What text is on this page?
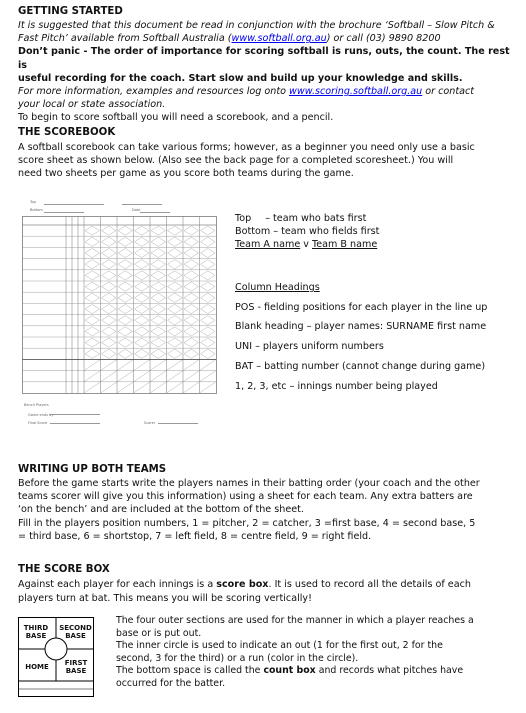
GETTING STARTED

It is suggested that this document be read in conjunction with the brochure ‘Softball – Slow Pitch &

Fast Pitch’ available from Softball Australia (www.softball.org.au) or call (03) 9890 8200

Don’t panic - The order of importance for scoring softball is runs, outs, the count. The rest is

useful recording for the coach. Start slow and build up your knowledge and skills.

For more information, examples and resources log onto www.scoring.softball.org.au or contact

your local or state association.

To begin to score softball you will need a scorebook, and a pencil.

THE SCOREBOOK

A softball scorebook can take various forms; however, as a beginner you need only use a basic

score sheet as shown below. (Also see the back page for a completed scoresheet.) You will

need two sheets per game as you score both teams during the game.

Top
Bottom	Date
Bench Players
Game ends by
Final Score	Scorer

Top – team who bats first

Bottom – team who fields first

Team A name v Team B name

Column Headings

POS - fielding positions for each player in the line up

Blank heading – player names: SURNAME first name

UNI – players uniform numbers

BAT – batting number (cannot change during game)

1, 2, 3, etc – innings number being played

WRITING UP BOTH TEAMS

Before the game starts write the players names in their batting order (your coach and the other

teams scorer will give you this information) using a sheet for each team. Any extra batters are

‘on the bench’ and are included at the bottom of the sheet.

Fill in the players position numbers, 1 = pitcher, 2 = catcher, 3 =first base, 4 = second base, 5

= third base, 6 = shortstop, 7 = left field, 8 = centre field, 9 = right field.

THE SCORE BOX

Against each player for each innings is a score box. It is used to record all the details of each

players turn at bat. This means you will be scoring vertically!

THIRD BASE
SECOND BASE
HOME	FIRST BASE

The four outer sections are used for the manner in which a player reaches a

base or is put out.

The inner circle is used to indicate an out (1 for the first out, 2 for the

second, 3 for the third) or a run (color in the circle).

The bottom space is called the count box and records what pitches have

occurred for the batter.
